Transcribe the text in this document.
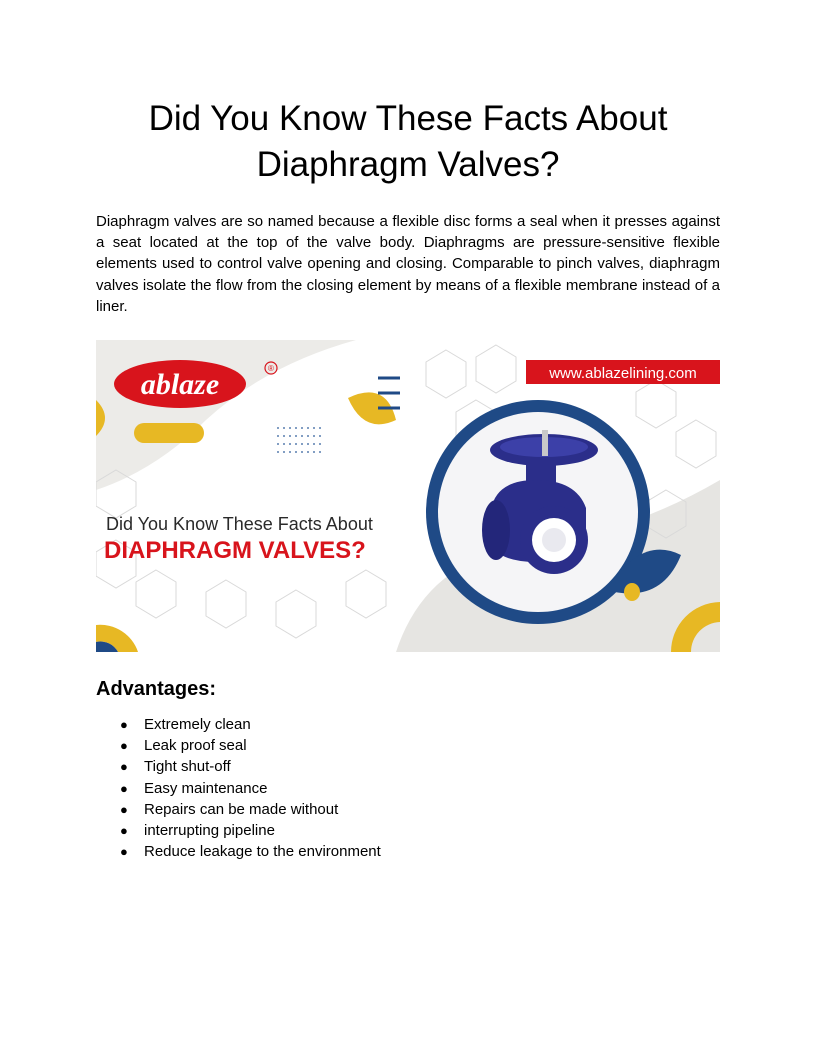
Did You Know These Facts About Diaphragm Valves?

Diaphragm valves are so named because a flexible disc forms a seal when it presses against a seat located at the top of the valve body. Diaphragms are pressure-sensitive flexible elements used to control valve opening and closing. Comparable to pinch valves, diaphragm valves isolate the flow from the closing element by means of a flexible membrane instead of a liner.

ablaze	®	www.ablazelining.com
Did You Know These Facts About
DIAPHRAGM VALVES?
Advantages:
● Extremely clean
● Leak proof seal
● Tight shut-off
● Easy maintenance
● Repairs can be made without
● interrupting pipeline
● Reduce leakage to the environment
